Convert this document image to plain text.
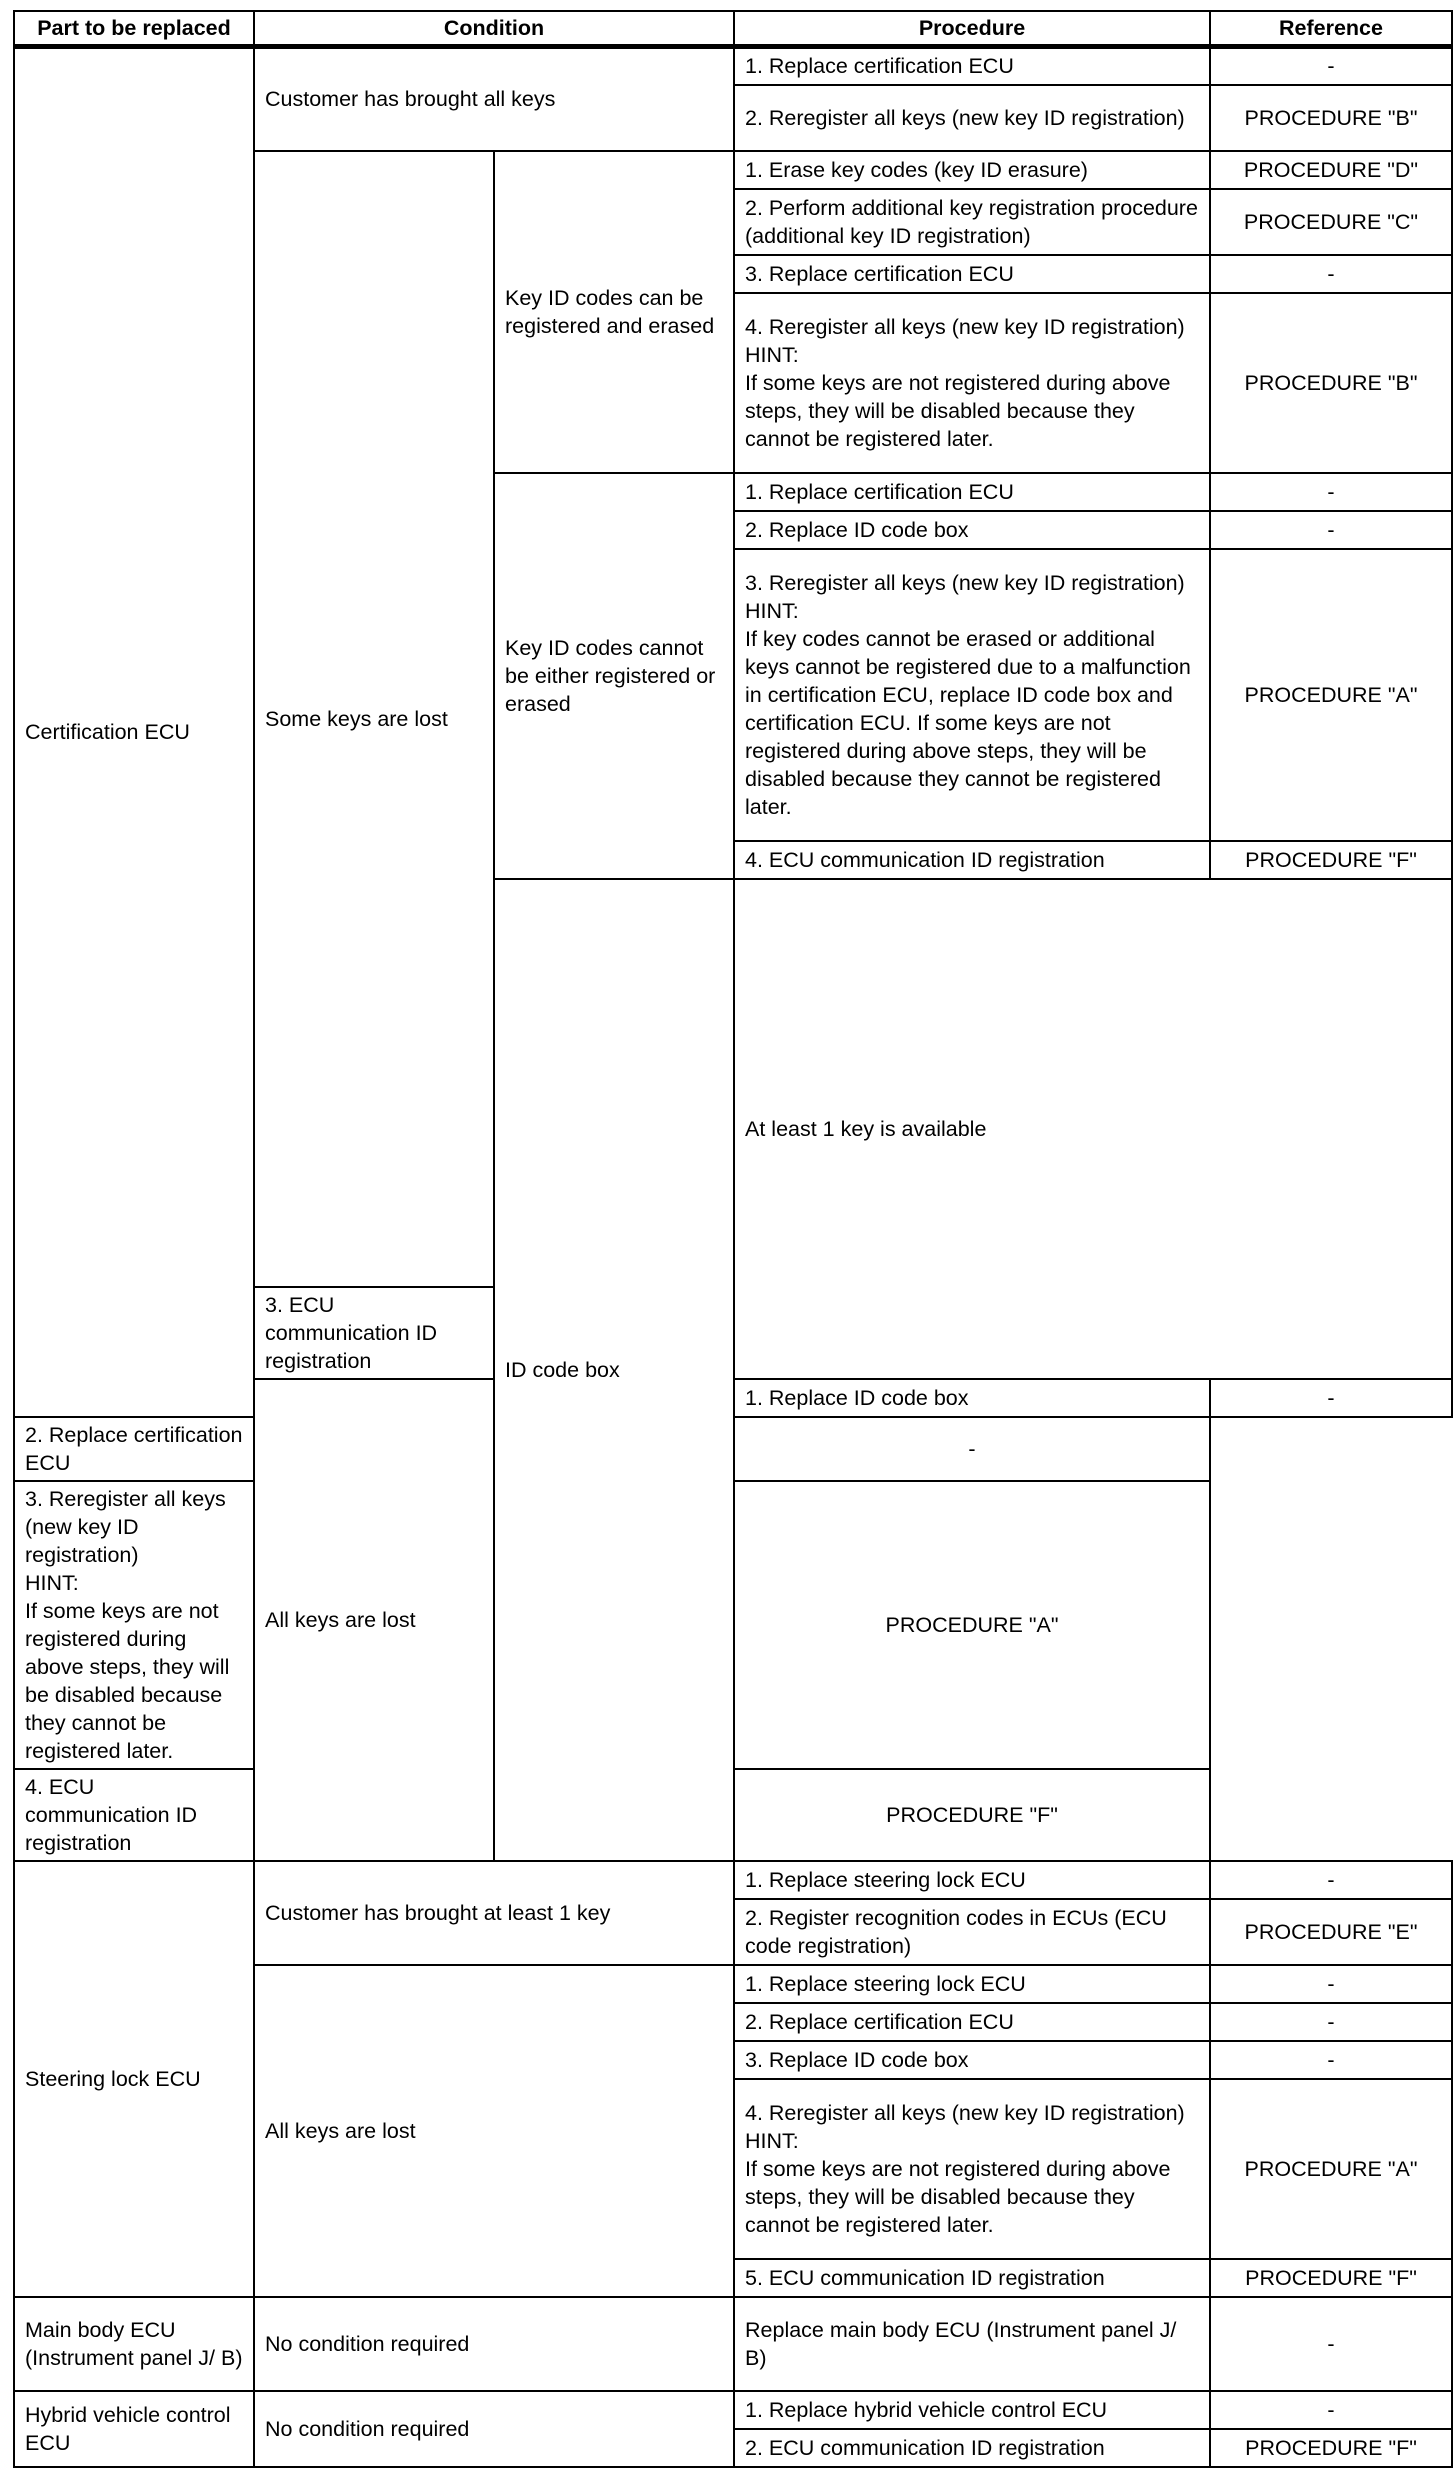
Part to be replaced	Condition		Procedure	Reference	
Certification ECU	Customer has brought all keys		1. Replace certification ECU	-	
			2. Reregister all keys (new key ID registration)	PROCEDURE "B"	
	Some keys are lost	Key ID codes can be registered and erased	1. Erase key codes (key ID erasure)	PROCEDURE "D"	
			2. Perform additional key registration procedure (additional key ID registration)	PROCEDURE "C"	
			3. Replace certification ECU	-	
			4. Reregister all keys (new key ID registration)
HINT:
If some keys are not registered during above steps, they will be disabled because they cannot be registered later.	PROCEDURE "B"	
		Key ID codes cannot be either registered or erased	1. Replace certification ECU	-	
			2. Replace ID code box	-	
			3. Reregister all keys (new key ID registration)
HINT:
If key codes cannot be erased or additional keys cannot be registered due to a malfunction in certification ECU, replace ID code box and certification ECU. If some keys are not registered during above steps, they will be disabled because they cannot be registered later.	PROCEDURE "A"	
			4. ECU communication ID registration	PROCEDURE "F"	
		ID code box	At least 1 key is available		

	3. ECU communication ID registration	
	All keys are lost		1. Replace ID code box	-	
2. Replace certification ECU			-		
3. Reregister all keys (new key ID registration)
HINT:
If some keys are not registered during above steps, they will be disabled because they cannot be registered later.			PROCEDURE "A"		
4. ECU communication ID registration			PROCEDURE "F"		
Steering lock ECU	Customer has brought at least 1 key		1. Replace steering lock ECU	-	
			2. Register recognition codes in ECUs (ECU code registration)	PROCEDURE "E"	
	All keys are lost		1. Replace steering lock ECU	-	
			2. Replace certification ECU	-	
			3. Replace ID code box	-	
			4. Reregister all keys (new key ID registration)
HINT:
If some keys are not registered during above steps, they will be disabled because they cannot be registered later.	PROCEDURE "A"	
			5. ECU communication ID registration	PROCEDURE "F"	
Main body ECU (Instrument panel J/ B)	No condition required		Replace main body ECU (Instrument panel J/ B)	-	
Hybrid vehicle control ECU	No condition required		1. Replace hybrid vehicle control ECU	-	
			2. ECU communication ID registration	PROCEDURE "F"	
